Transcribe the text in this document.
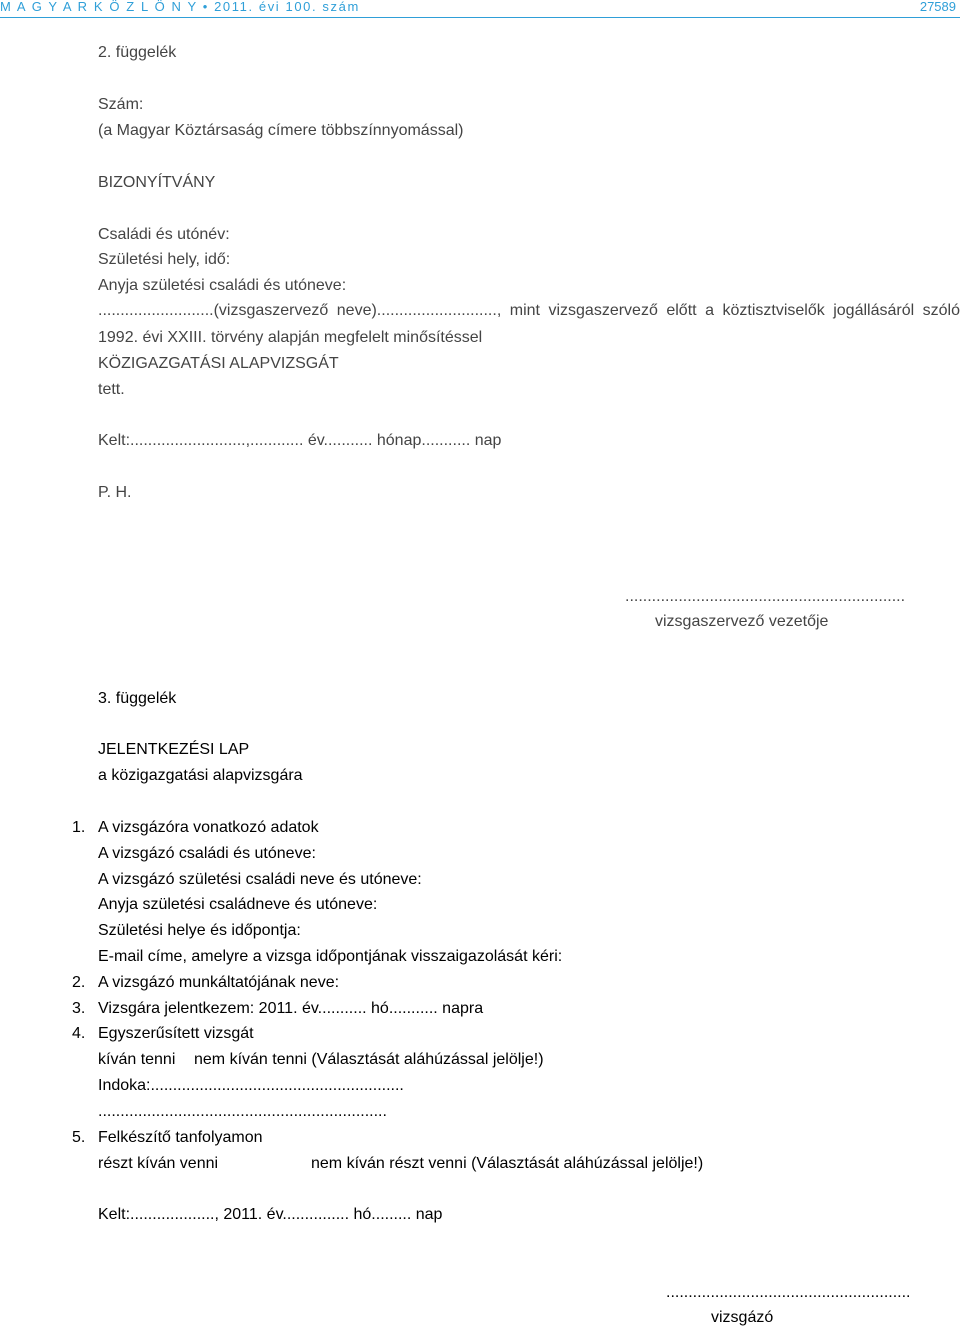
M A G Y A R K Ö Z L Ö N Y • 2011. évi 100. szám	27589
2. függelék
Szám:
(a Magyar Köztársaság címere többszínnyomással)
BIZONYÍTVÁNY
Családi és utónév:
Születési hely, idő:
Anyja születési családi és utóneve:
..........................(vizsgaszervező neve)..........................., mint vizsgaszervező előtt a köztisztviselők jogállásáról szóló
1992. évi XXIII. törvény alapján megfelelt minősítéssel
KÖZIGAZGATÁSI ALAPVIZSGÁT
tett.
Kelt:..........................,............ év........... hónap........... nap
P. H.
...............................................................
vizsgaszervező vezetője
3. függelék
JELENTKEZÉSI LAP
a közigazgatási alapvizsgára
1. A vizsgázóra vonatkozó adatok
A vizsgázó családi és utóneve:
A vizsgázó születési családi neve és utóneve:
Anyja születési családneve és utóneve:
Születési helye és időpontja:
E-mail címe, amelyre a vizsga időpontjának visszaigazolását kéri:
2. A vizsgázó munkáltatójának neve:
3. Vizsgára jelentkezem: 2011. év........... hó........... napra
4. Egyszerűsített vizsgát
kíván tenni nem kíván tenni (Választását aláhúzással jelölje!)
Indoka:.........................................................
.................................................................
5. Felkészítő tanfolyamon
részt kíván venni	nem kíván részt venni (Választását aláhúzással jelölje!)
Kelt:..................., 2011. év............... hó......... nap
.......................................................
vizsgázó
